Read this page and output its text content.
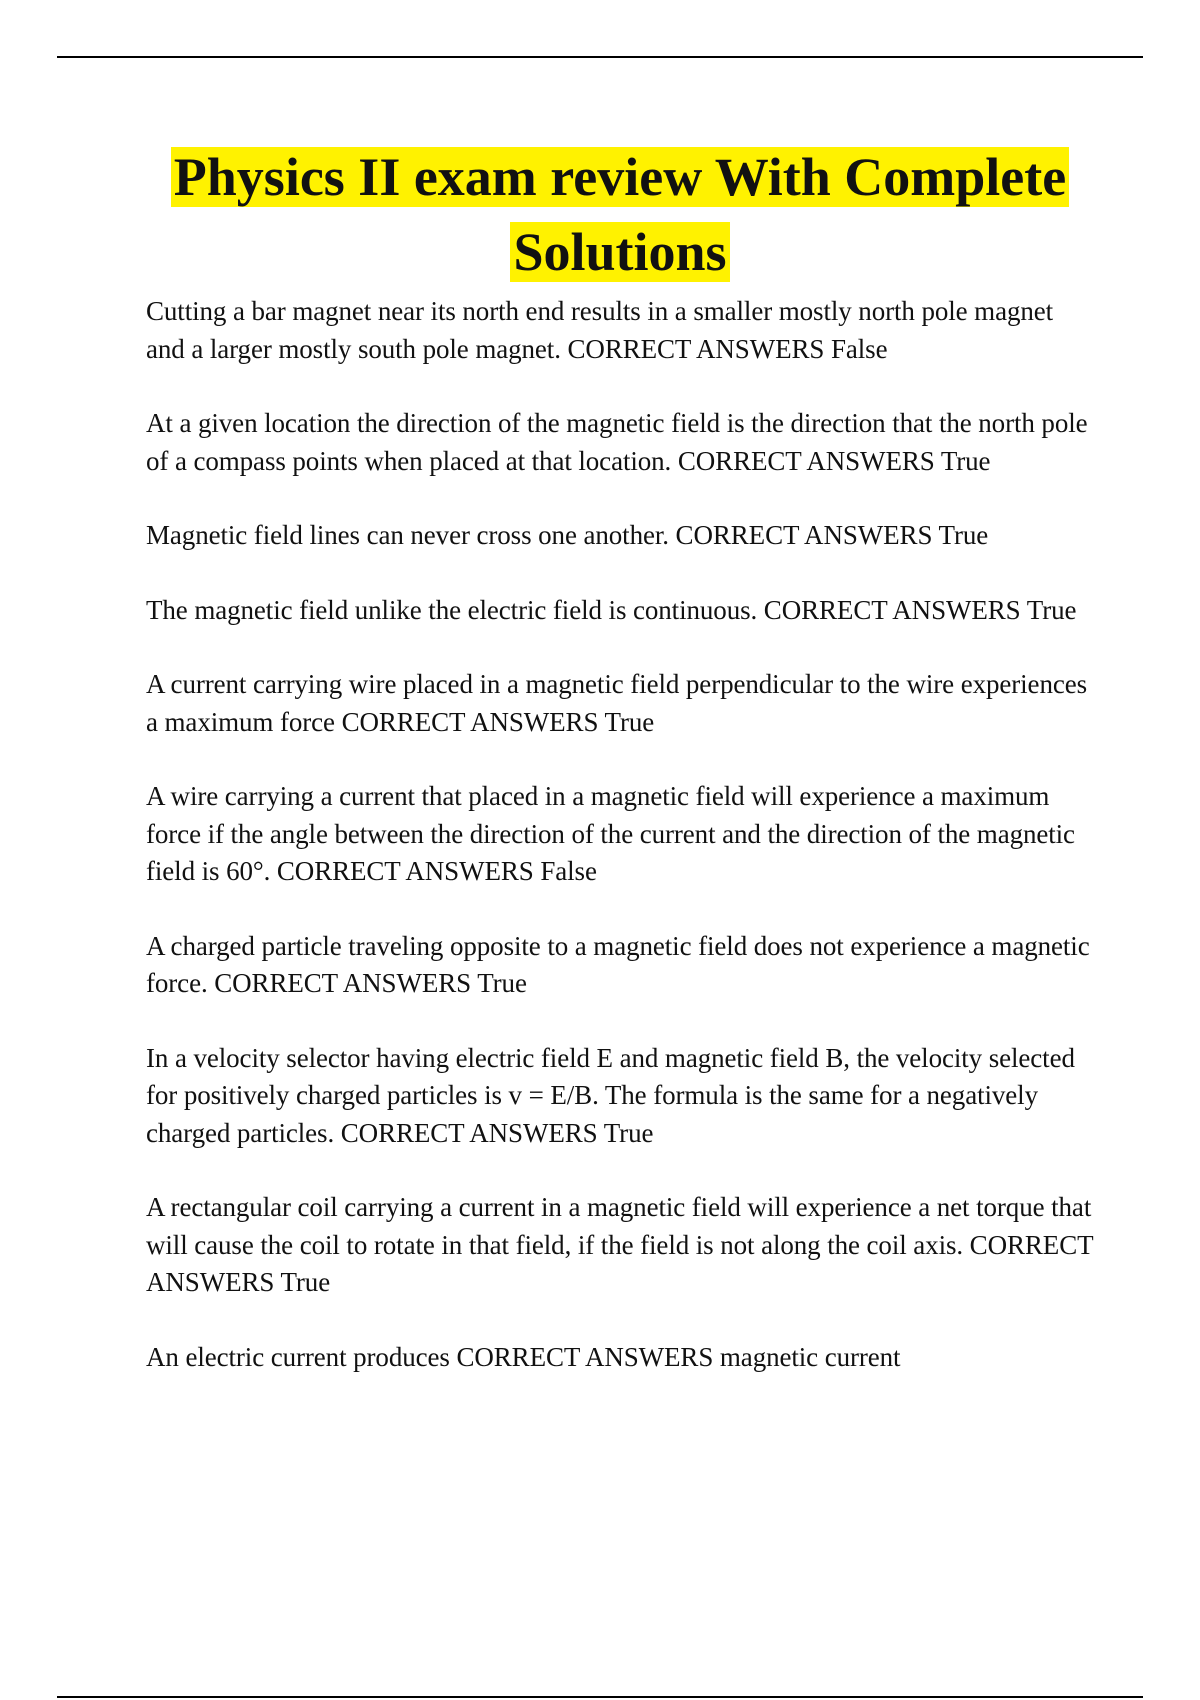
Physics II exam review With Complete
Solutions

Cutting a bar magnet near its north end results in a smaller mostly north pole magnet and a larger mostly south pole magnet. CORRECT ANSWERS False

At a given location the direction of the magnetic field is the direction that the north pole of a compass points when placed at that location. CORRECT ANSWERS True

Magnetic field lines can never cross one another. CORRECT ANSWERS True

The magnetic field unlike the electric field is continuous. CORRECT ANSWERS True

A current carrying wire placed in a magnetic field perpendicular to the wire experiences a maximum force CORRECT ANSWERS True

A wire carrying a current that placed in a magnetic field will experience a maximum force if the angle between the direction of the current and the direction of the magnetic field is 60°. CORRECT ANSWERS False

A charged particle traveling opposite to a magnetic field does not experience a magnetic force. CORRECT ANSWERS True

In a velocity selector having electric field E and magnetic field B, the velocity selected for positively charged particles is v = E/B. The formula is the same for a negatively charged particles. CORRECT ANSWERS True

A rectangular coil carrying a current in a magnetic field will experience a net torque that will cause the coil to rotate in that field, if the field is not along the coil axis. CORRECT ANSWERS True

An electric current produces CORRECT ANSWERS magnetic current
